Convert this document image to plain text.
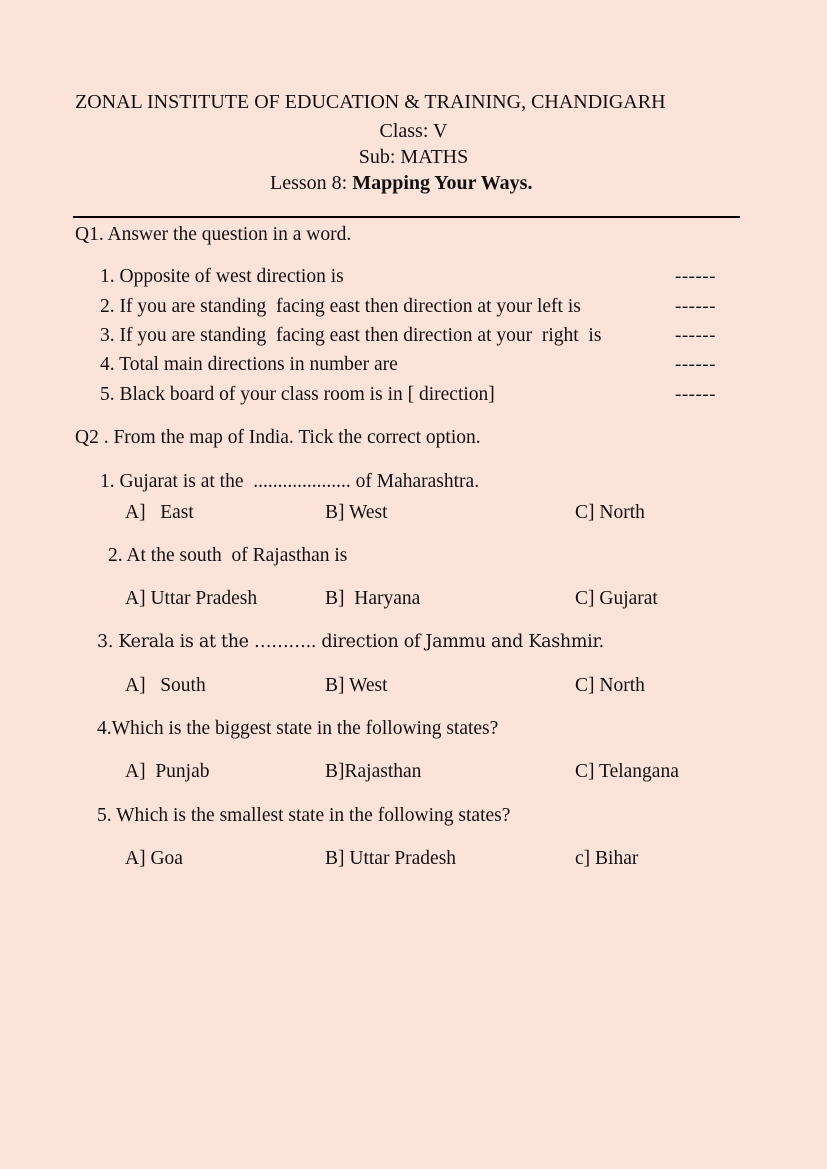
ZONAL INSTITUTE OF EDUCATION & TRAINING, CHANDIGARH
Class: V
Sub: MATHS
Lesson 8: Mapping Your Ways.
Q1. Answer the question in a word.
1. Opposite of west direction is	------
2. If you are standing  facing east then direction at your left is	------
3. If you are standing  facing east then direction at your  right  is	------
4. Total main directions in number are	------
5. Black board of your class room is in [ direction]	------
Q2 . From the map of India. Tick the correct option.
1. Gujarat is at the  .................... of Maharashtra.
A]   East	B] West	C] North
2. At the south  of Rajasthan is
A] Uttar Pradesh	B]  Haryana	C] Gujarat
3. Kerala is at the ……….. direction of Jammu and Kashmir.
A]   South	B] West	C] North
4.Which is the biggest state in the following states?
A]  Punjab	B]Rajasthan	C] Telangana
5. Which is the smallest state in the following states?
A] Goa	B] Uttar Pradesh	c] Bihar
